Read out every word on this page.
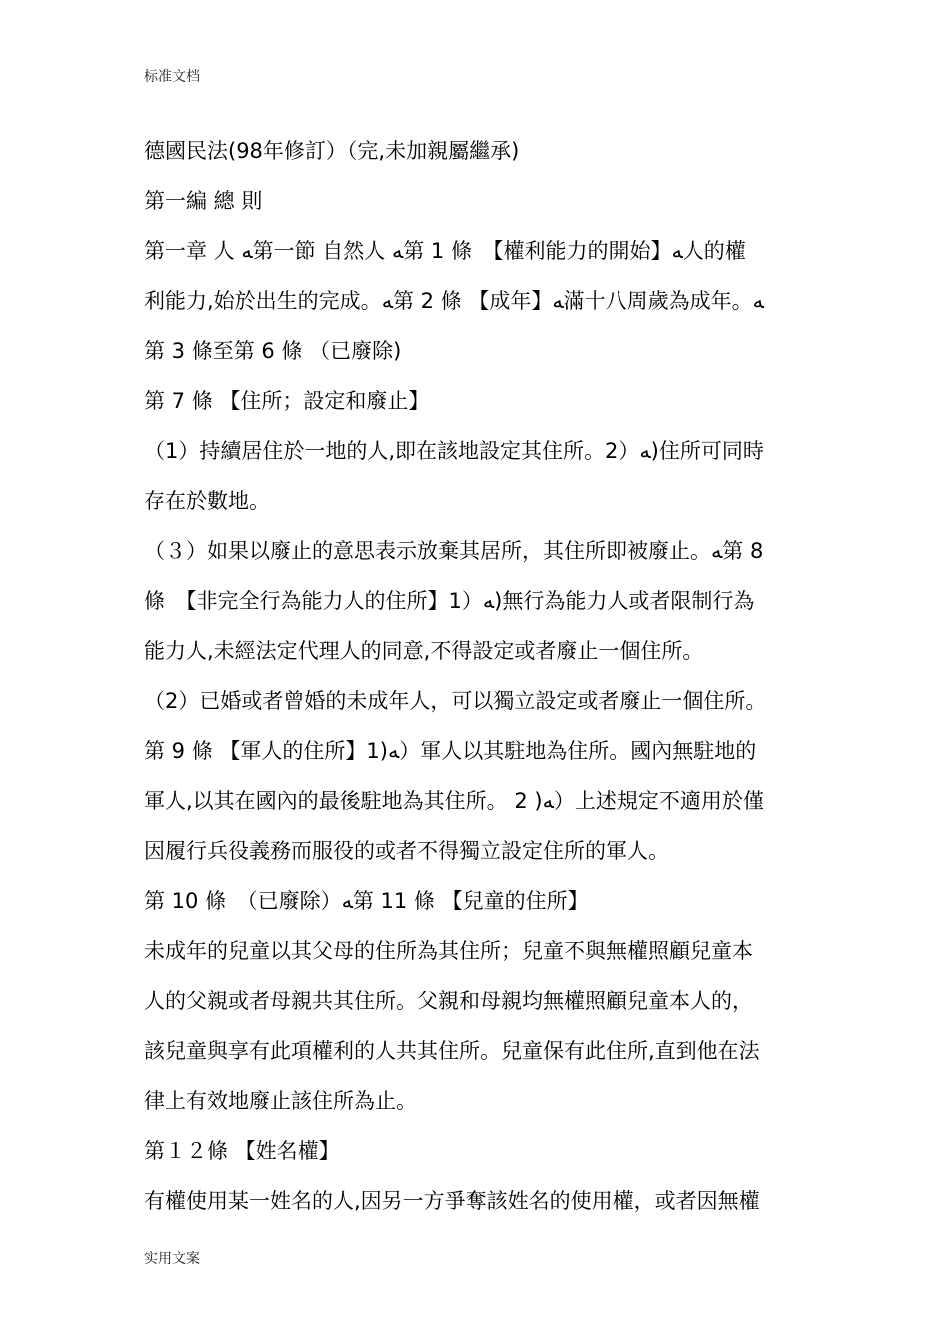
标准文档
德國民法(98年修訂）（完,未加親屬繼承)
第一編 總 則
第一章 人 ﻪ第一節 自然人 ﻪ第 1 條　【權利能力的開始】ﻪ人的權
利能力,始於出生的完成。ﻪ第 2 條 【成年】ﻪ滿十八周歲為成年。ﻪ
第 3 條至第 6 條 （已廢除)
第 7 條 【住所；設定和廢止】
（1）持續居住於一地的人,即在該地設定其住所。2）ﻪ)住所可同時
存在於數地。
（３）如果以廢止的意思表示放棄其居所，其住所即被廢止。ﻪ第 8
條　【非完全行為能力人的住所】1）ﻪ)無行為能力人或者限制行為
能力人,未經法定代理人的同意,不得設定或者廢止一個住所。
（2）已婚或者曾婚的未成年人，可以獨立設定或者廢止一個住所。
第 9 條 【軍人的住所】1)ﻪ）軍人以其駐地為住所。國內無駐地的
軍人,以其在國內的最後駐地為其住所。 2 )ﻪ）上述規定不適用於僅
因履行兵役義務而服役的或者不得獨立設定住所的軍人。
第 10 條　（已廢除）ﻪ第 11 條 【兒童的住所】
未成年的兒童以其父母的住所為其住所；兒童不與無權照顧兒童本
人的父親或者母親共其住所。父親和母親均無權照顧兒童本人的，
該兒童與享有此項權利的人共其住所。兒童保有此住所,直到他在法
律上有效地廢止該住所為止。
第１２條 【姓名權】
有權使用某一姓名的人,因另一方爭奪該姓名的使用權，或者因無權
实用文案
